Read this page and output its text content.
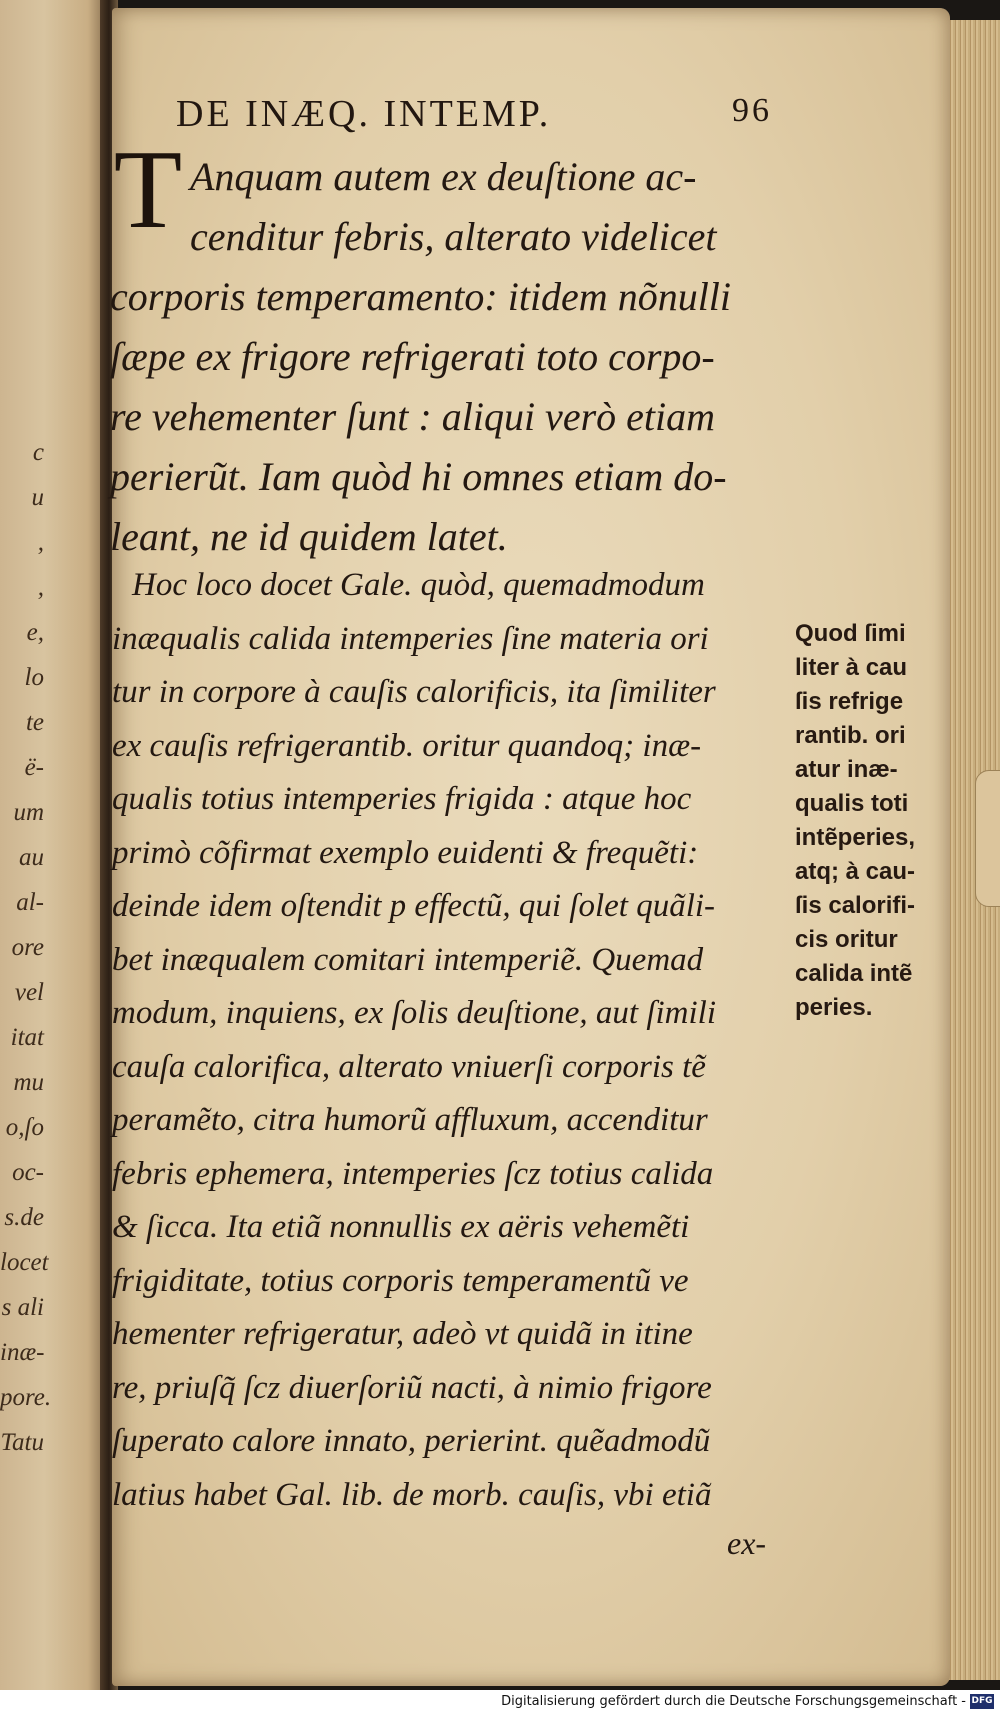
c
u
,
,
e,
lo
te
ë-
um
au
al-
ore
vel
itat
mu
o,ſo
oc-
s.de
locet
s ali
inæ-
pore.
Tatu
DE INÆQ. INTEMP.	96
T Anquam autem ex deuſtione ac-
cenditur febris, alterato videlicet
corporis temperamento: itidem nõnulli
ſæpe ex frigore refrigerati toto corpo-
re vehementer ſunt : aliqui verò etiam
perierũt. Iam quòd hi omnes etiam do-
leant, ne id quidem latet.
Hoc loco docet Gale. quòd, quemadmodum
inæqualis calida intemperies ſine materia ori
tur in corpore à cauſis calorificis, ita ſimiliter
ex cauſis refrigerantib. oritur quandoq; inæ-
qualis totius intemperies frigida : atque hoc
primò cõfirmat exemplo euidenti & frequẽti:
deinde idem oſtendit p effectũ, qui ſolet quãli-
bet inæqualem comitari intemperiẽ. Quemad
modum, inquiens, ex ſolis deuſtione, aut ſimili
cauſa calorifica, alterato vniuerſi corporis tẽ
peramẽto, citra humorũ affluxum, accenditur
febris ephemera, intemperies ſcz totius calida
& ſicca. Ita etiã nonnullis ex aëris vehemẽti
frigiditate, totius corporis temperamentũ ve
hementer refrigeratur, adeò vt quidã in itine
re, priuſq̃ ſcz diuerſoriũ nacti, à nimio frigore
ſuperato calore innato, perierint. quẽadmodũ
latius habet Gal. lib. de morb. cauſis, vbi etiã
ex-
Quod ſimi
liter à cau
ſis refrige
rantib. ori
atur inæ-
qualis toti
intẽperies,
atq; à cau-
ſis calorifi-
cis oritur
calida intẽ
peries.
Digitalisierung gefördert durch die Deutsche Forschungsgemeinschaft - DFG
